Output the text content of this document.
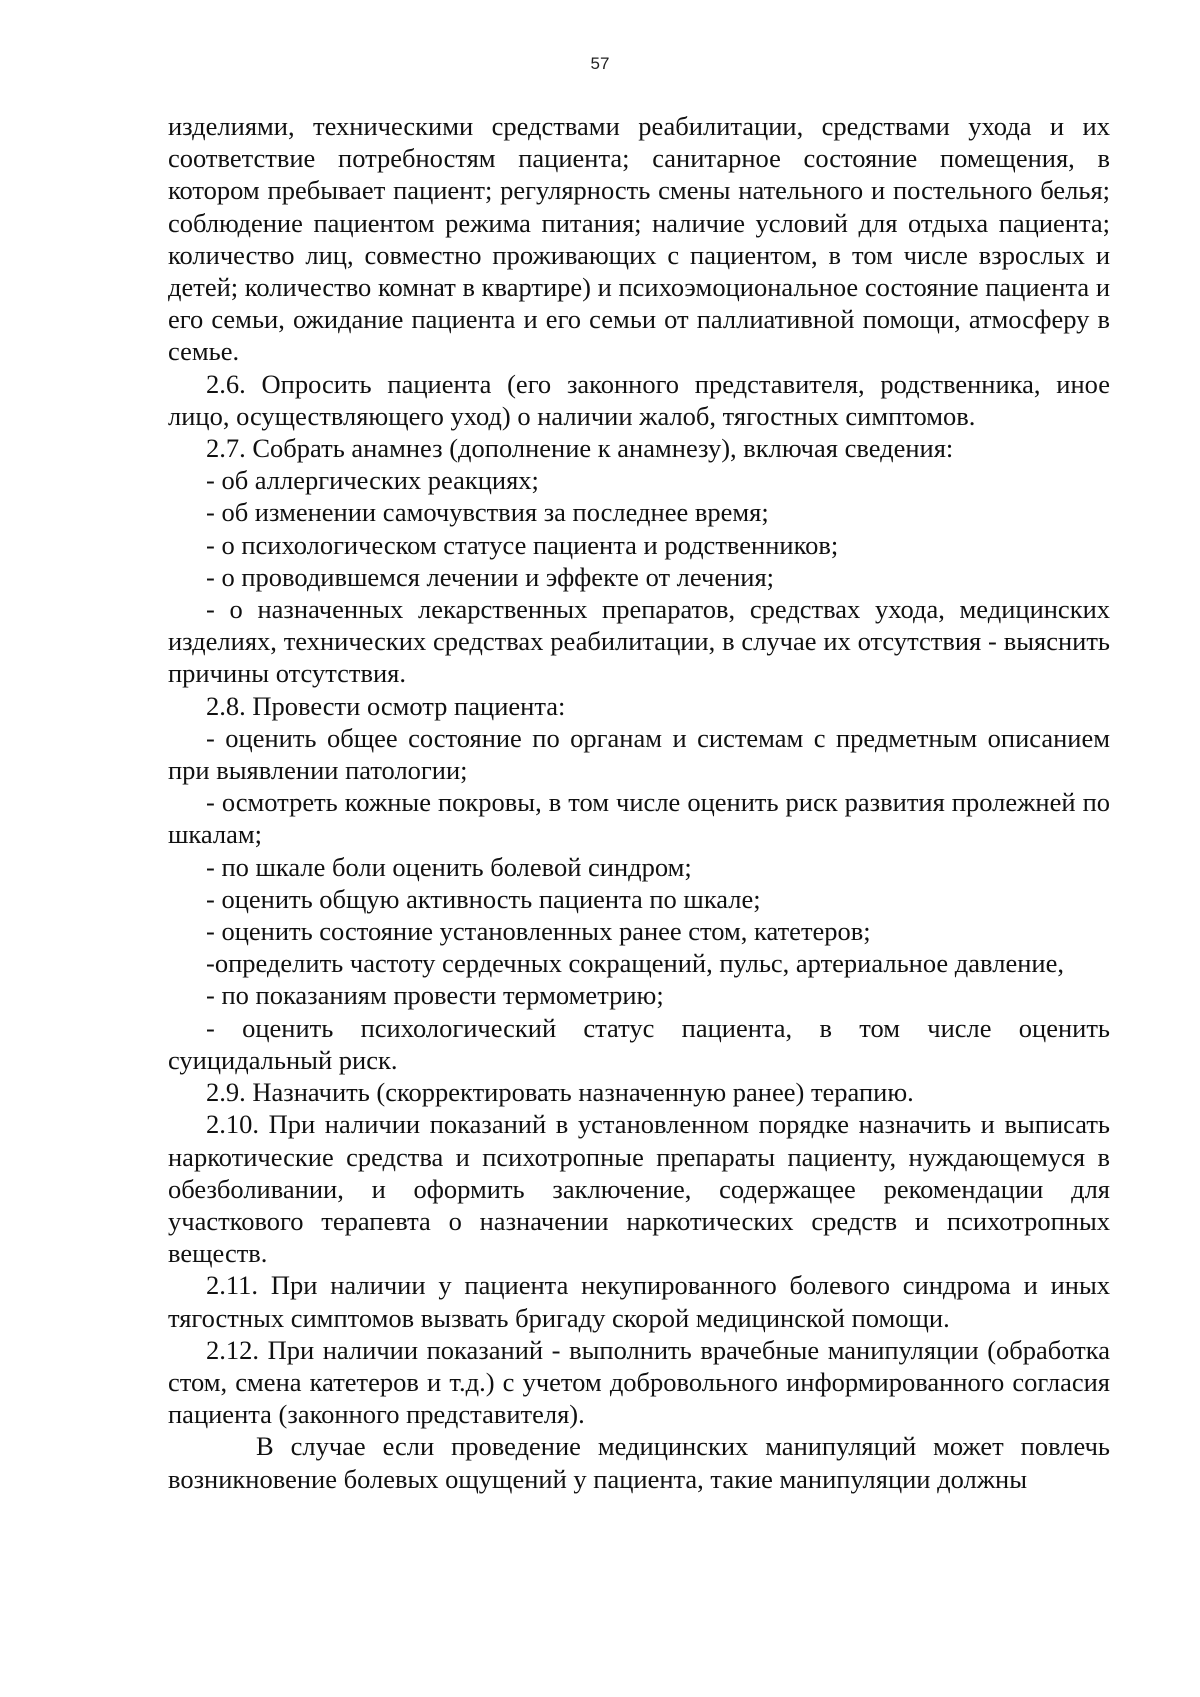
57

изделиями, техническими средствами реабилитации, средствами ухода и их соответствие потребностям пациента; санитарное состояние помещения, в котором пребывает пациент; регулярность смены нательного и постельного белья; соблюдение пациентом режима питания; наличие условий для отдыха пациента; количество лиц, совместно проживающих с пациентом, в том числе взрослых и детей; количество комнат в квартире) и психоэмоциональное состояние пациента и его семьи, ожидание пациента и его семьи от паллиативной помощи, атмосферу в семье.

2.6. Опросить пациента (его законного представителя, родственника, иное лицо, осуществляющего уход) о наличии жалоб, тягостных симптомов.

2.7. Собрать анамнез (дополнение к анамнезу), включая сведения:

- об аллергических реакциях;

- об изменении самочувствия за последнее время;

- о психологическом статусе пациента и родственников;

- о проводившемся лечении и эффекте от лечения;

- о назначенных лекарственных препаратов, средствах ухода, медицинских изделиях, технических средствах реабилитации, в случае их отсутствия - выяснить причины отсутствия.

2.8. Провести осмотр пациента:

- оценить общее состояние по органам и системам с предметным описанием при выявлении патологии;

- осмотреть кожные покровы, в том числе оценить риск развития пролежней по шкалам;

- по шкале боли оценить болевой синдром;

- оценить общую активность пациента по шкале;

- оценить состояние установленных ранее стом, катетеров;

-определить частоту сердечных сокращений, пульс, артериальное давление,

- по показаниям провести термометрию;

- оценить психологический статус пациента, в том числе оценить суицидальный риск.

2.9. Назначить (скорректировать назначенную ранее) терапию.

2.10. При наличии показаний в установленном порядке назначить и выписать наркотические средства и психотропные препараты пациенту, нуждающемуся в обезболивании, и оформить заключение, содержащее рекомендации для участкового терапевта о назначении наркотических средств и психотропных веществ.

2.11. При наличии у пациента некупированного болевого синдрома и иных тягостных симптомов вызвать бригаду скорой медицинской помощи.

2.12. При наличии показаний - выполнить врачебные манипуляции (обработка стом, смена катетеров и т.д.) с учетом добровольного информированного согласия пациента (законного представителя).

В случае если проведение медицинских манипуляций может повлечь возникновение болевых ощущений у пациента, такие манипуляции должны
